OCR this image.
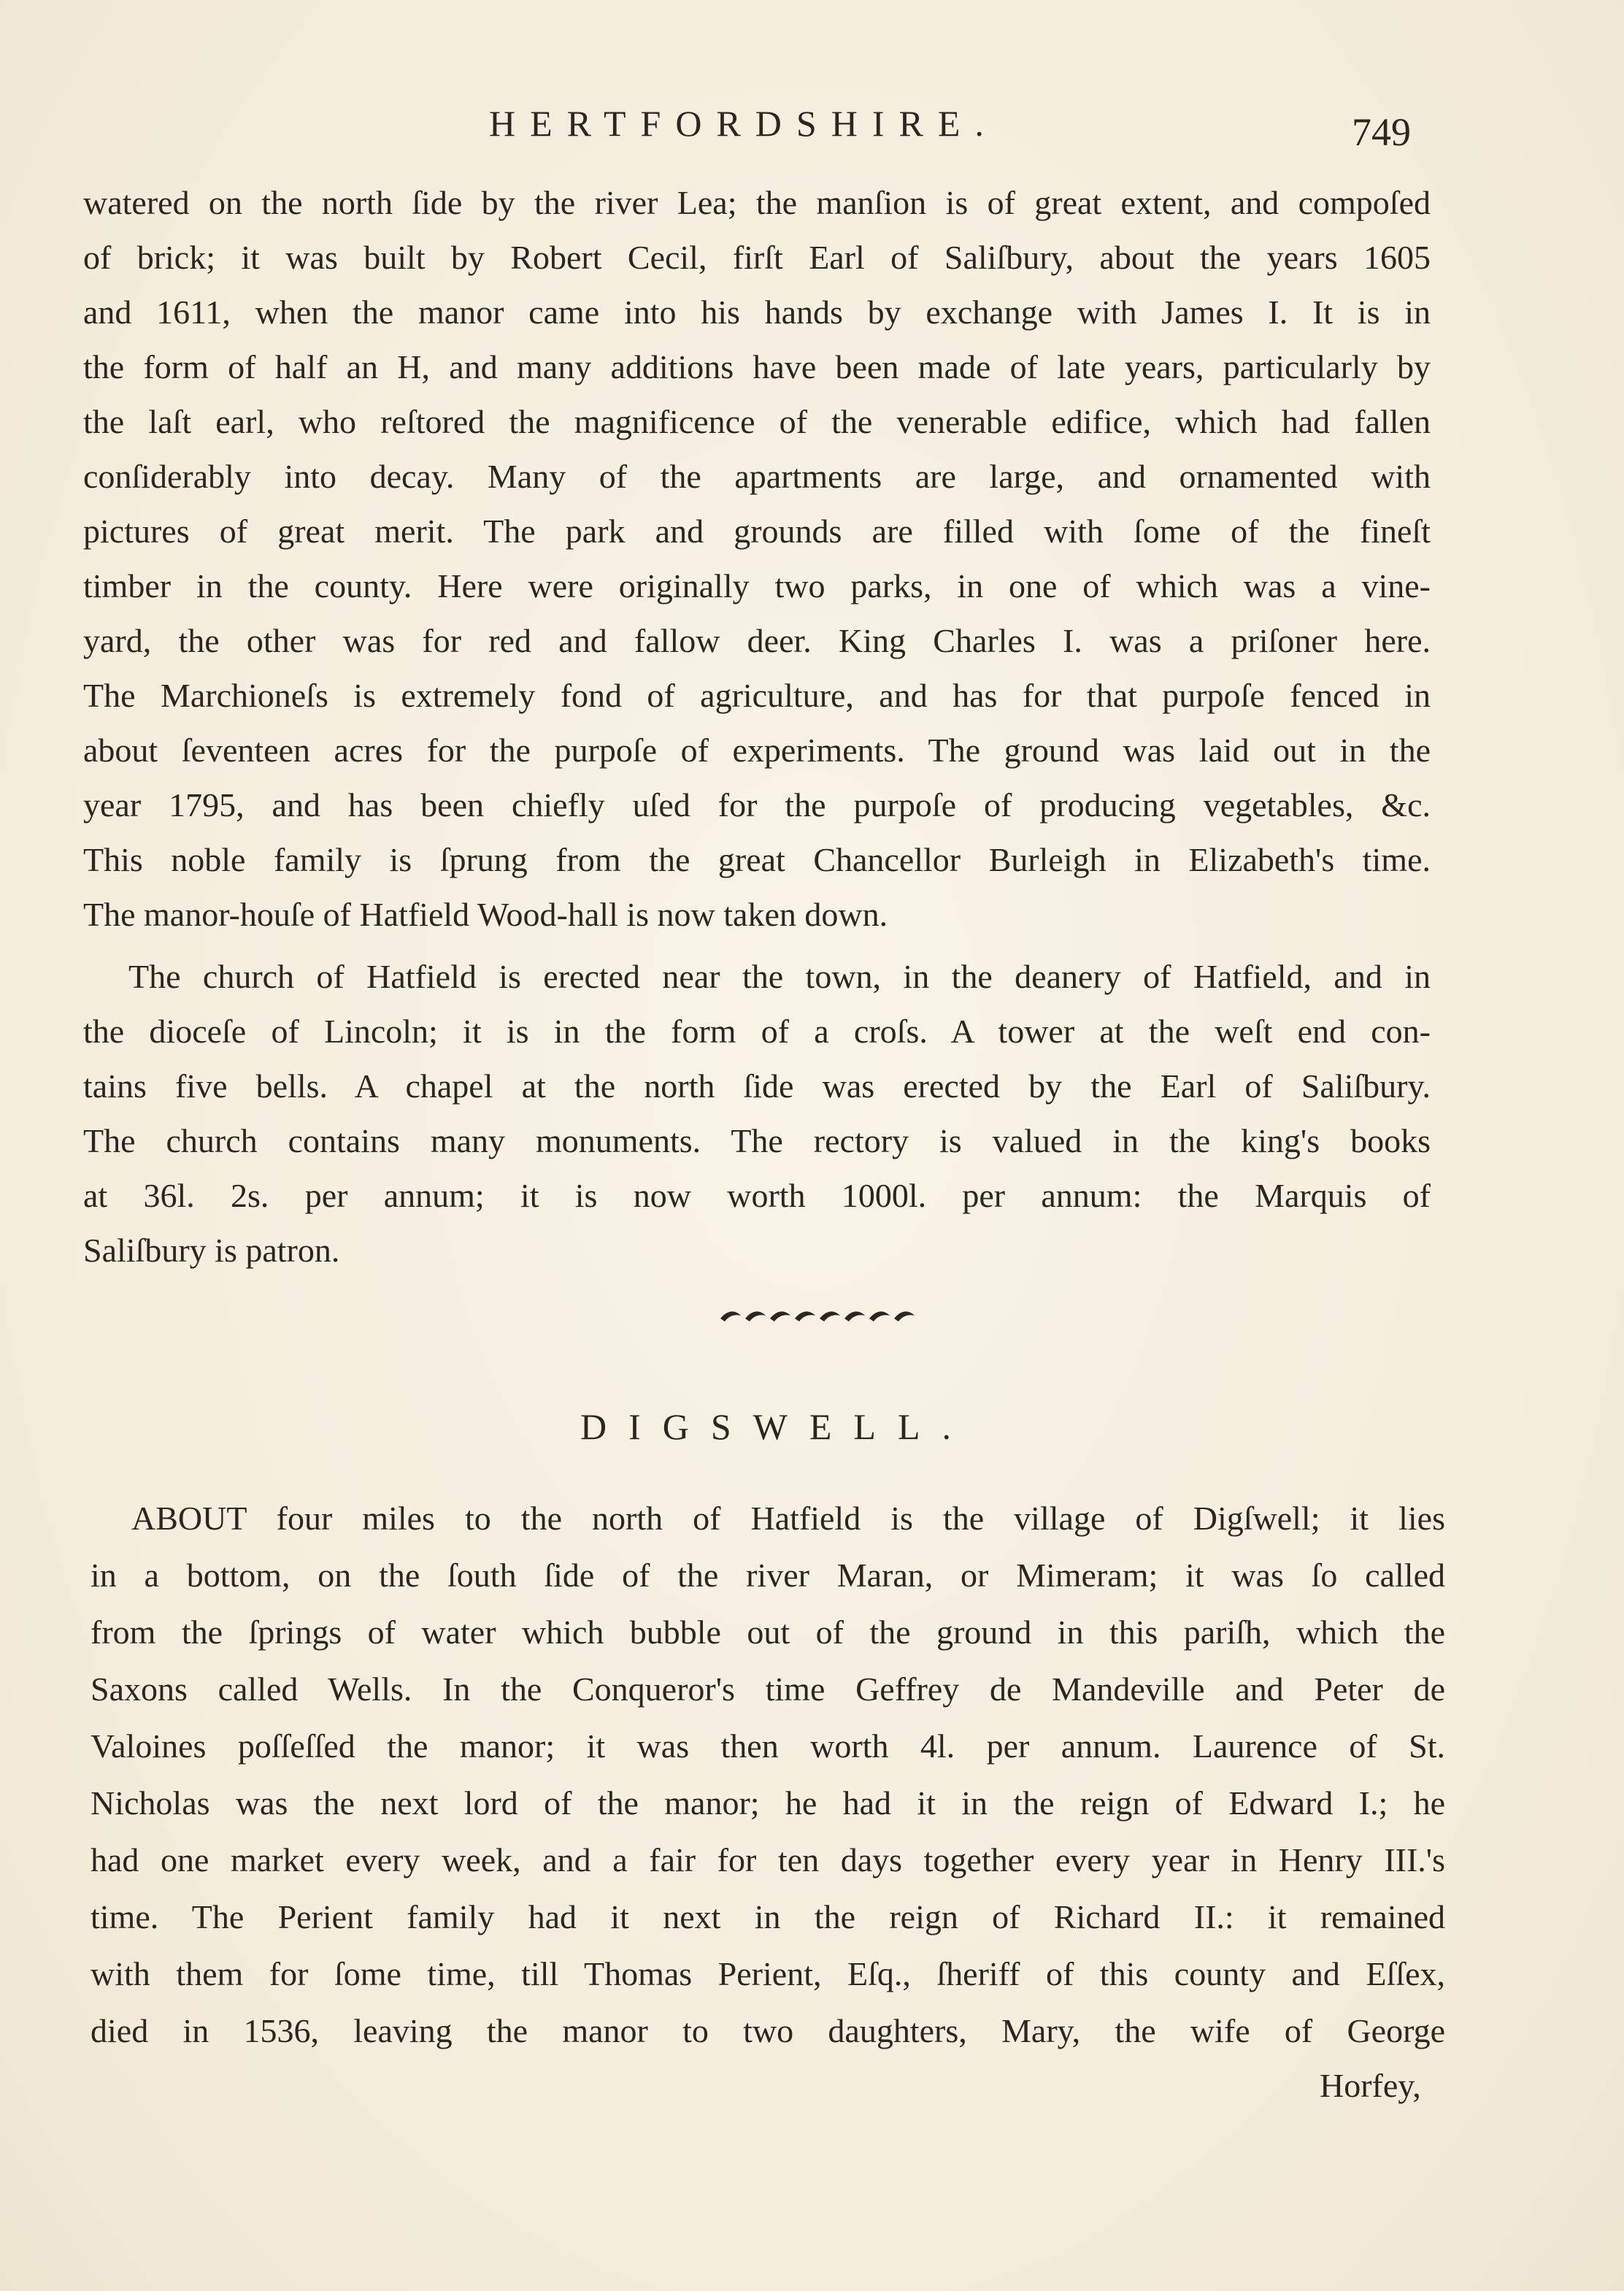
HERTFORDSHIRE.	749
watered on the north ſide by the river Lea; the manſion is of great extent, and compoſed
of brick; it was built by Robert Cecil, firſt Earl of Saliſbury, about the years 1605
and 1611, when the manor came into his hands by exchange with James I. It is in
the form of half an H, and many additions have been made of late years, particularly by
the laſt earl, who reſtored the magnificence of the venerable edifice, which had fallen
conſiderably into decay. Many of the apartments are large, and ornamented with
pictures of great merit. The park and grounds are filled with ſome of the fineſt
timber in the county. Here were originally two parks, in one of which was a vine-
yard, the other was for red and fallow deer. King Charles I. was a priſoner here.
The Marchioneſs is extremely fond of agriculture, and has for that purpoſe fenced in
about ſeventeen acres for the purpoſe of experiments. The ground was laid out in the
year 1795, and has been chiefly uſed for the purpoſe of producing vegetables, &c.
This noble family is ſprung from the great Chancellor Burleigh in Elizabeth's time.
The manor-houſe of Hatfield Wood-hall is now taken down.
The church of Hatfield is erected near the town, in the deanery of Hatfield, and in
the dioceſe of Lincoln; it is in the form of a croſs. A tower at the weſt end con-
tains five bells. A chapel at the north ſide was erected by the Earl of Saliſbury.
The church contains many monuments. The rectory is valued in the king's books
at 36l. 2s. per annum; it is now worth 1000l. per annum: the Marquis of
Saliſbury is patron.
DIGSWELL.
ABOUT four miles to the north of Hatfield is the village of Digſwell; it lies
in a bottom, on the ſouth ſide of the river Maran, or Mimeram; it was ſo called
from the ſprings of water which bubble out of the ground in this pariſh, which the
Saxons called Wells. In the Conqueror's time Geffrey de Mandeville and Peter de
Valoines poſſeſſed the manor; it was then worth 4l. per annum. Laurence of St.
Nicholas was the next lord of the manor; he had it in the reign of Edward I.; he
had one market every week, and a fair for ten days together every year in Henry III.'s
time. The Perient family had it next in the reign of Richard II.: it remained
with them for ſome time, till Thomas Perient, Eſq., ſheriff of this county and Eſſex,
died in 1536, leaving the manor to two daughters, Mary, the wife of George
Horfey,
